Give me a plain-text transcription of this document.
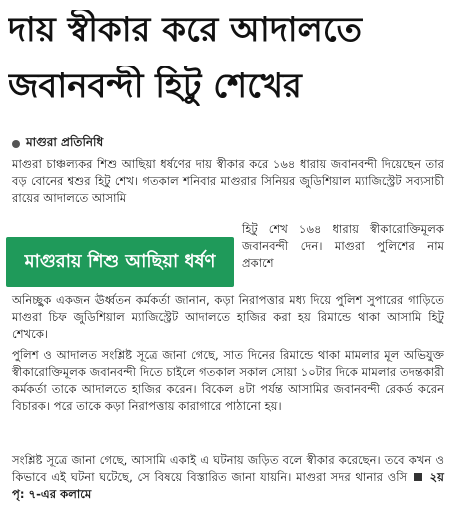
দায় স্বীকার করে আদালতে
জবানবন্দী হিটু শেখের
মাগুরা প্রতিনিধি

মাগুরা চাঞ্চল্যকর শিশু আছিয়া ধর্ষণের দায় স্বীকার করে ১৬৪ ধারায় জবানবন্দী দিয়েছেন তার বড় বোনের শ্বশুর হিটু শেখ। গতকাল শনিবার মাগুরার সিনিয়র জুডিশিয়াল ম্যাজিস্ট্রেট সব্যসাচী রায়ের আদালতে আসামি

মাগুরায় শিশু আছিয়া ধর্ষণ
হিটু শেখ ১৬৪ ধারায় স্বীকারোক্তিমূলক জবানবন্দী দেন। মাগুরা পুলিশের নাম প্রকাশে

অনিচ্ছুক একজন ঊর্ধ্বতন কর্মকর্তা জানান, কড়া নিরাপত্তার মধ্য দিয়ে পুলিশ সুপারের গাড়িতে মাগুরা চিফ জুডিশিয়াল ম্যাজিস্ট্রেট আদালতে হাজির করা হয় রিমান্ডে থাকা আসামি হিটু শেখকে।

পুলিশ ও আদালত সংশ্লিষ্ট সূত্রে জানা গেছে, সাত দিনের রিমান্ডে থাকা মামলার মূল অভিযুক্ত স্বীকারোক্তিমূলক জবানবন্দী দিতে চাইলে গতকাল সকাল সোয়া ১০টার দিকে মামলার তদন্তকারী কর্মকর্তা তাকে আদালতে হাজির করেন। বিকেল ৪টা পর্যন্ত আসামির জবানবন্দী রেকর্ড করেন বিচারক। পরে তাকে কড়া নিরাপত্তায় কারাগারে পাঠানো হয়।

সংশ্লিষ্ট সূত্রে জানা গেছে, আসামি একাই এ ঘটনায় জড়িত বলে স্বীকার করেছেন। তবে কখন ও কিভাবে এই ঘটনা ঘটেছে, সে বিষয়ে বিস্তারিত জানা যায়নি। মাগুরা সদর থানার ওসি ২য় পৃ: ৭-এর কলামে
